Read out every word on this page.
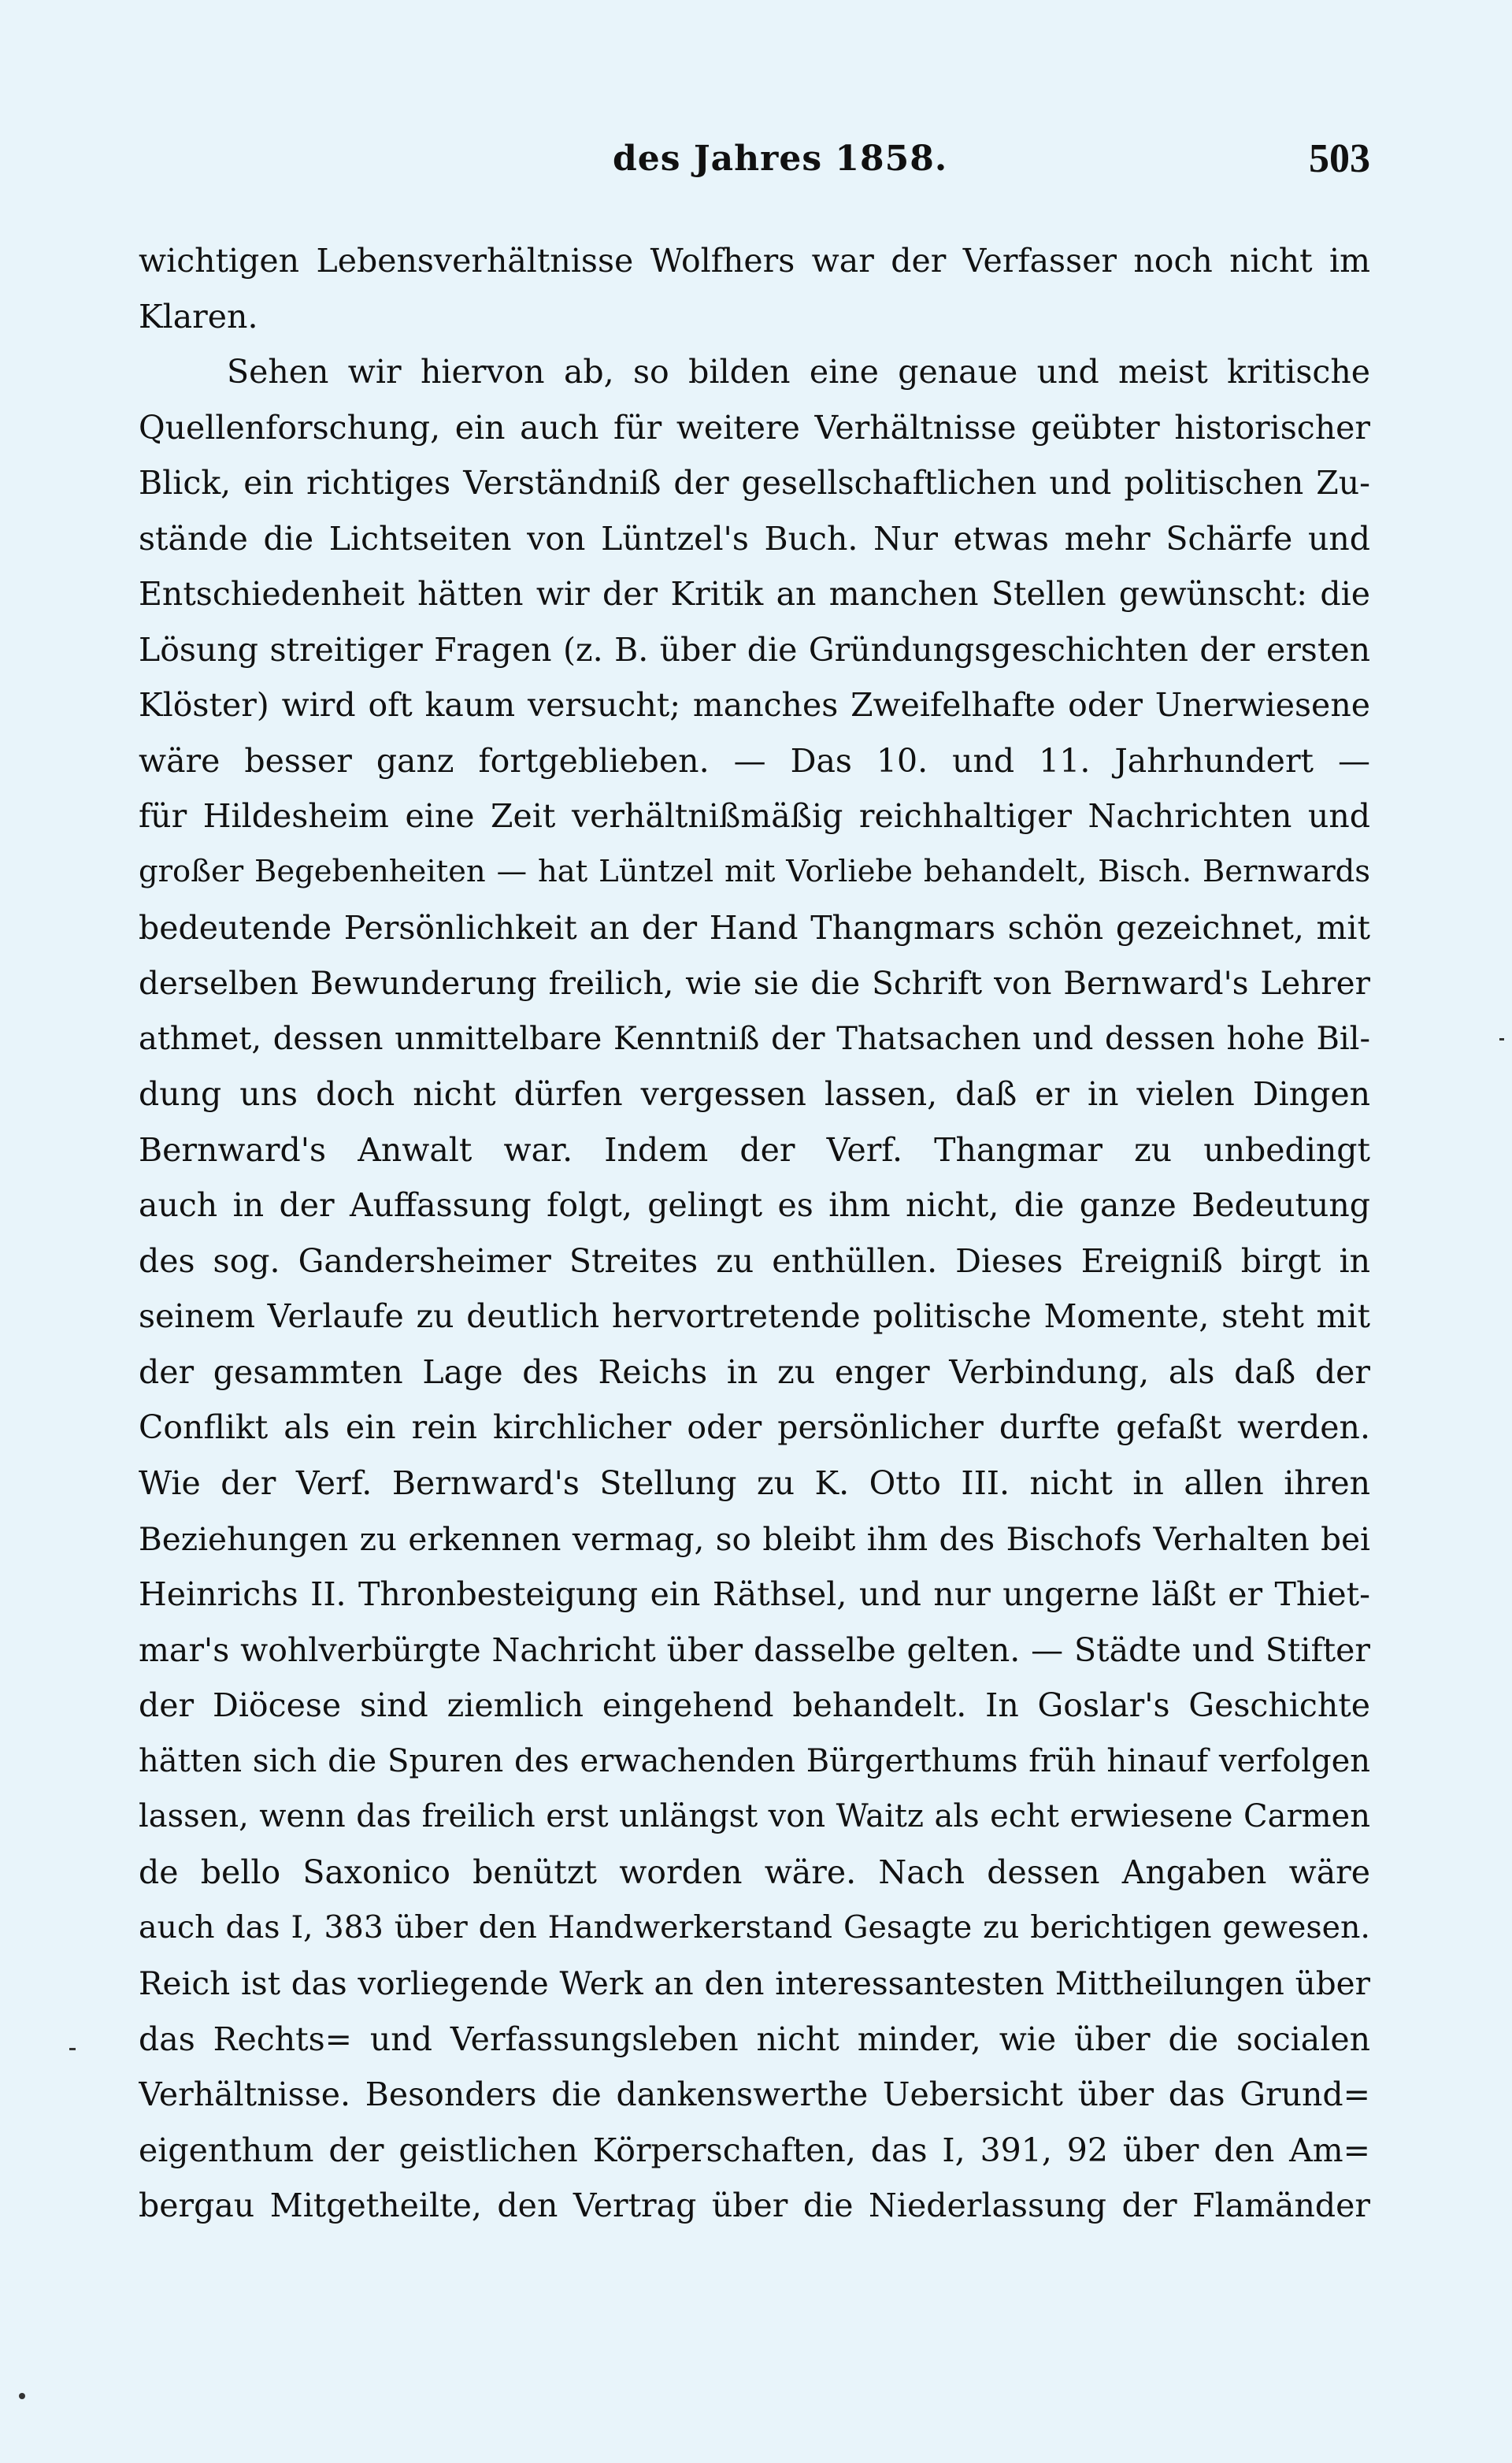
des Jahres 1858.	503
wichtigen Lebensverhältnisse Wolfhers war der Verfasser noch nicht im
Klaren.
Sehen wir hiervon ab, so bilden eine genaue und meist kritische
Quellenforschung, ein auch für weitere Verhältnisse geübter historischer
Blick, ein richtiges Verständniß der gesellschaftlichen und politischen Zu-
stände die Lichtseiten von Lüntzel's Buch. Nur etwas mehr Schärfe und
Entschiedenheit hätten wir der Kritik an manchen Stellen gewünscht: die
Lösung streitiger Fragen (z. B. über die Gründungsgeschichten der ersten
Klöster) wird oft kaum versucht; manches Zweifelhafte oder Unerwiesene
wäre besser ganz fortgeblieben. — Das 10. und 11. Jahrhundert —
für Hildesheim eine Zeit verhältnißmäßig reichhaltiger Nachrichten und
großer Begebenheiten — hat Lüntzel mit Vorliebe behandelt, Bisch. Bernwards
bedeutende Persönlichkeit an der Hand Thangmars schön gezeichnet, mit
derselben Bewunderung freilich, wie sie die Schrift von Bernward's Lehrer
athmet, dessen unmittelbare Kenntniß der Thatsachen und dessen hohe Bil-
dung uns doch nicht dürfen vergessen lassen, daß er in vielen Dingen
Bernward's Anwalt war. Indem der Verf. Thangmar zu unbedingt
auch in der Auffassung folgt, gelingt es ihm nicht, die ganze Bedeutung
des sog. Gandersheimer Streites zu enthüllen. Dieses Ereigniß birgt in
seinem Verlaufe zu deutlich hervortretende politische Momente, steht mit
der gesammten Lage des Reichs in zu enger Verbindung, als daß der
Conflikt als ein rein kirchlicher oder persönlicher durfte gefaßt werden.
Wie der Verf. Bernward's Stellung zu K. Otto III. nicht in allen ihren
Beziehungen zu erkennen vermag, so bleibt ihm des Bischofs Verhalten bei
Heinrichs II. Thronbesteigung ein Räthsel, und nur ungerne läßt er Thiet-
mar's wohlverbürgte Nachricht über dasselbe gelten. — Städte und Stifter
der Diöcese sind ziemlich eingehend behandelt. In Goslar's Geschichte
hätten sich die Spuren des erwachenden Bürgerthums früh hinauf verfolgen
lassen, wenn das freilich erst unlängst von Waitz als echt erwiesene Carmen
de bello Saxonico benützt worden wäre. Nach dessen Angaben wäre
auch das I, 383 über den Handwerkerstand Gesagte zu berichtigen gewesen.
Reich ist das vorliegende Werk an den interessantesten Mittheilungen über
das Rechts= und Verfassungsleben nicht minder, wie über die socialen
Verhältnisse. Besonders die dankenswerthe Uebersicht über das Grund=
eigenthum der geistlichen Körperschaften, das I, 391, 92 über den Am=
bergau Mitgetheilte, den Vertrag über die Niederlassung der Flamänder
